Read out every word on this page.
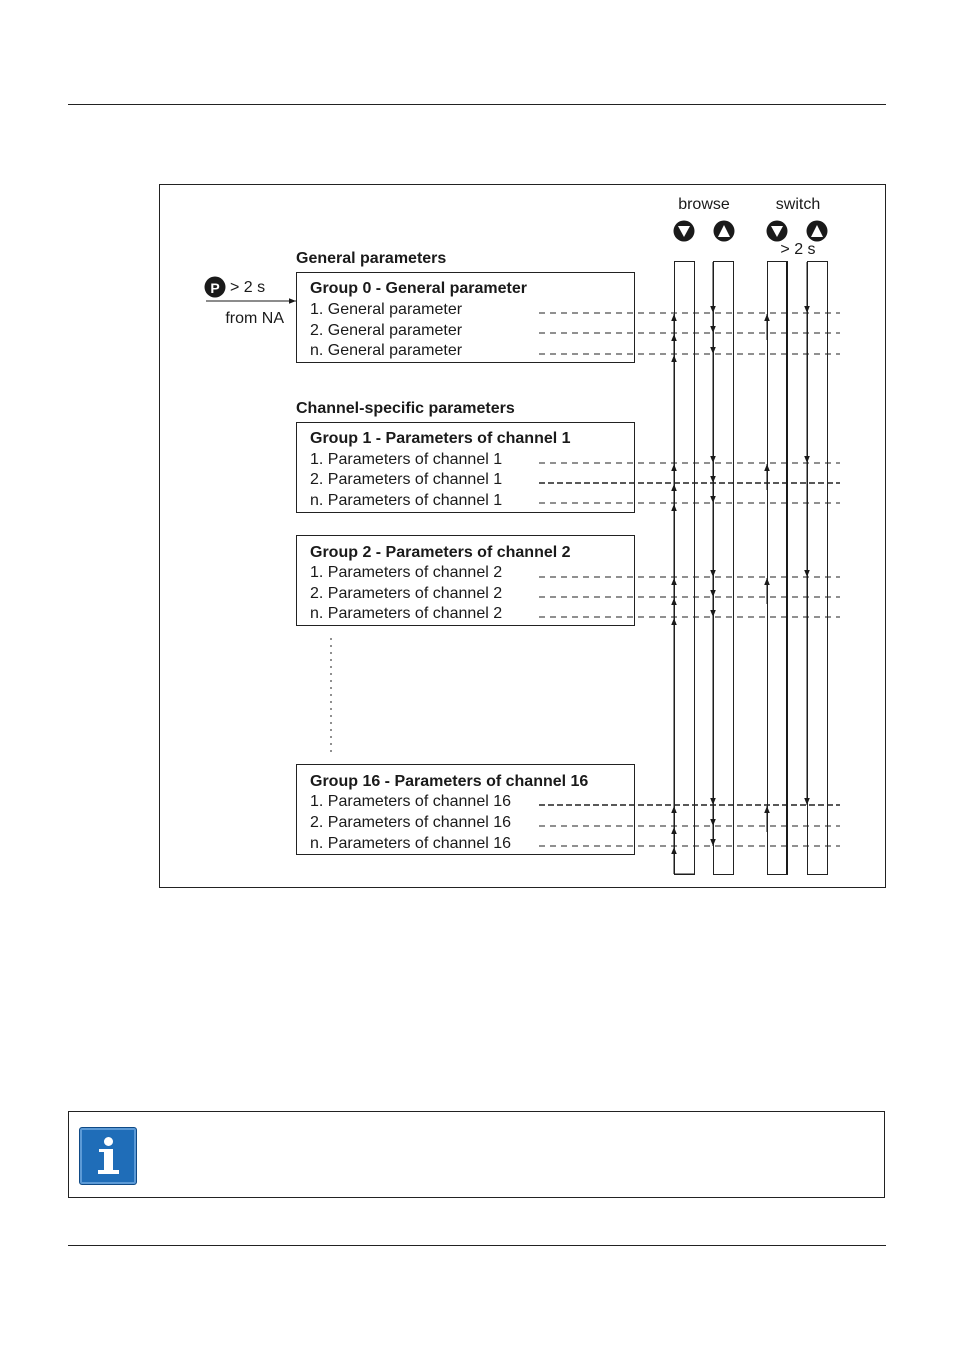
browse	switch
> 2 s
P > 2 s
from NA
General parameters
Channel-specific parameters
Group 0 - General parameter
1. General parameter
2. General parameter
n. General parameter
Group 1 - Parameters of channel 1
1. Parameters of channel 1
2. Parameters of channel 1
n. Parameters of channel 1
Group 2 - Parameters of channel 2
1. Parameters of channel 2
2. Parameters of channel 2
n. Parameters of channel 2
Group 16 - Parameters of channel 16
1. Parameters of channel 16
2. Parameters of channel 16
n. Parameters of channel 16
